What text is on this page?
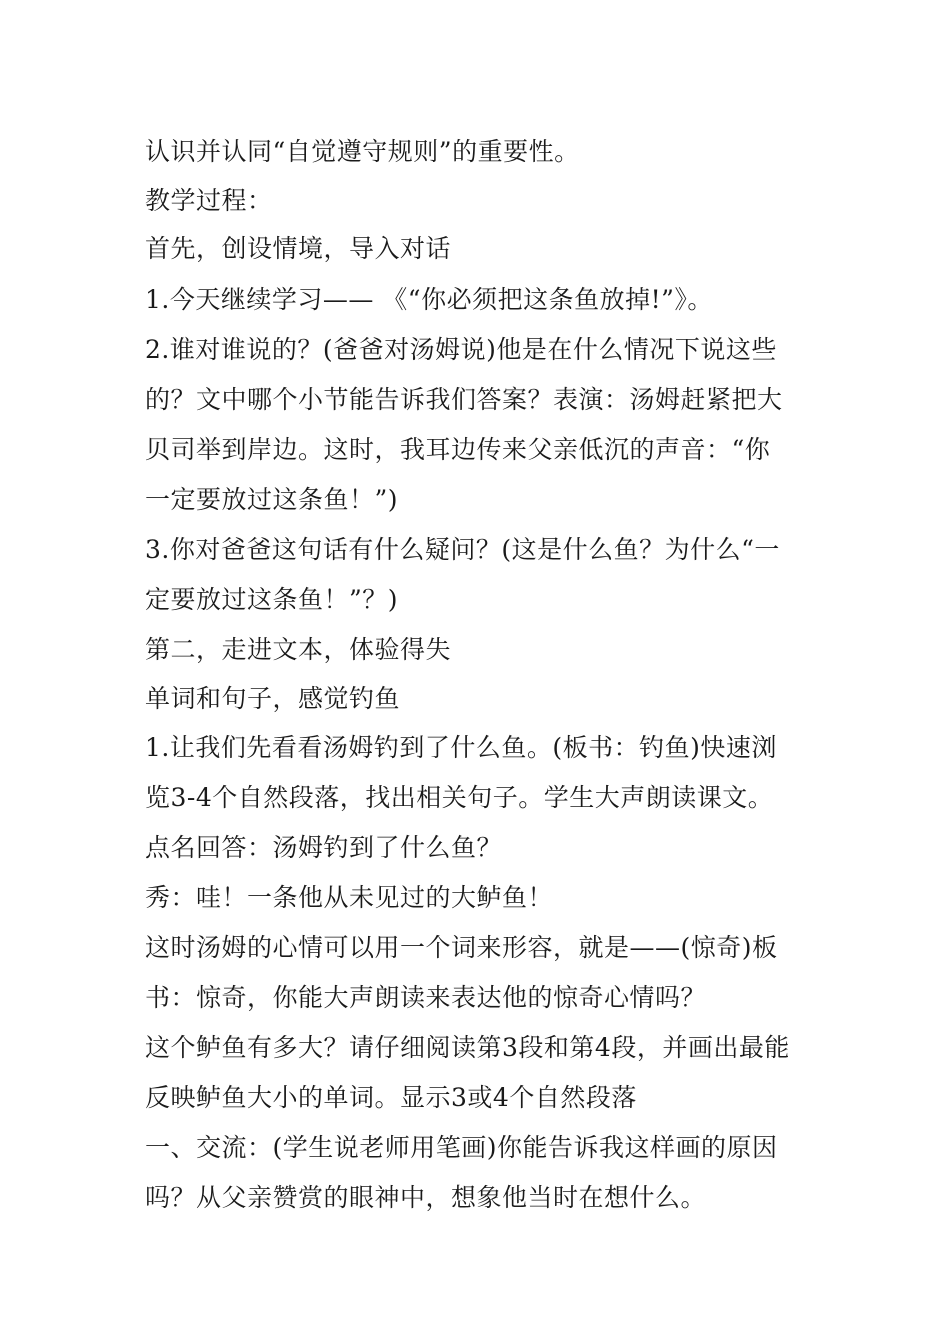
认识并认同“自觉遵守规则”的重要性。
教学过程：
首先，创设情境，导入对话
1.今天继续学习—— 《“你必须把这条鱼放掉!”》。
2.谁对谁说的？(爸爸对汤姆说)他是在什么情况下说这些
的？文中哪个小节能告诉我们答案？表演：汤姆赶紧把大
贝司举到岸边。这时，我耳边传来父亲低沉的声音：“你
一定要放过这条鱼！”)
3.你对爸爸这句话有什么疑问？(这是什么鱼？为什么“一
定要放过这条鱼！”？)
第二，走进文本，体验得失
单词和句子，感觉钓鱼
1.让我们先看看汤姆钓到了什么鱼。(板书：钓鱼)快速浏
览3-4个自然段落，找出相关句子。学生大声朗读课文。
点名回答：汤姆钓到了什么鱼？
秀：哇！一条他从未见过的大鲈鱼！
这时汤姆的心情可以用一个词来形容，就是——(惊奇)板
书：惊奇，你能大声朗读来表达他的惊奇心情吗？
这个鲈鱼有多大？请仔细阅读第3段和第4段，并画出最能
反映鲈鱼大小的单词。显示3或4个自然段落
一、交流：(学生说老师用笔画)你能告诉我这样画的原因
吗？从父亲赞赏的眼神中，想象他当时在想什么。
